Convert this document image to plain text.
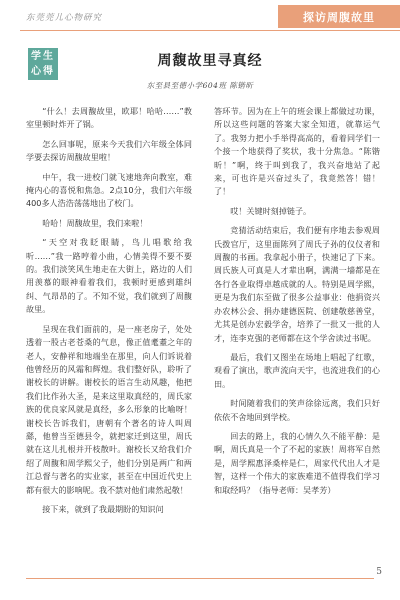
东莞莞儿心物研究	探访周腹故里
学生
心得
周馥故里寻真经
东至县至德小学604班 陈锴昕

“什么！去周馥故里，欧耶！哈哈……”教室里顿时炸开了锅。

怎么回事呢，原来今天我们六年级全体同学要去探访周馥故里啦！

中午，我一进校门就飞速地奔向教室，难掩内心的喜悦和焦急。2点10分，我们六年级400多人浩浩荡荡地出了校门。

哈哈！周馥故里，我们来啦！

“天空对我眨眼睛，鸟儿唱歌给我听……”我一路哼着小曲，心情美得不要不要的。我们淡笑风生地走在大街上，路边的人们用羡慕的眼神看着我们，我顿时更感到雄纠纠、气昂昂的了。不知不觉，我们就到了周馥故里。

呈现在我们面前的，是一座老房子，处处透着一股古老苍桑的气息，像正值耄耋之年的老人，安静祥和地端坐在那里，向人们诉说着他曾经历的风霜和辉煌。我们整好队，聆听了谢校长的讲解。谢校长的语言生动风趣，他把我们比作孙大圣，是来这里取真经的，周氏家族的优良家风就是真经，多么形象的比喻呀！谢校长告诉我们，唐朝有个著名的诗人叫周繇，他曾当至德县令，就把家迁到这里，周氏就在这儿扎根并开枝散叶。谢校长又给我们介绍了周馥和周学熙父子，他们分别是两广和两江总督与著名的实业家，甚至在中国近代史上都有很大的影响呢。我不禁对他们肃然起敬！

接下来，就到了我最期盼的知识问

答环节。因为在上午的班会课上都做过功课，所以这些问题的答案大家全知道，就靠运气了。我努力把小手举得高高的，看着同学们一个接一个地获得了奖状，我十分焦急。“陈锴昕！”啊，终于叫到我了，我兴奋地站了起来，可也许是兴奋过头了，我竟然答！错！了！

哎！关键时刻掉链子。

竞猜活动结束后，我们便有序地去参观周氏拨官厅，这里面陈列了周氏子孙的仪仪者和周馥的书画。我拿起小册子，快速记了下来。周氏族人可真是人才辈出啊，满满一墙都是在各行各业取得卓越成就的人。特别是周学熙，更是为我们东至做了很多公益事业：他捐资兴办农林公会、捐办建德医院、创建敬慈善堂，尤其是创办宏毅学舍，培养了一批又一批的人才，连李克强的老师都在这个学舍读过书呢。

最后，我们又图坐在场地上唱起了红歌，观看了演出，歌声流向天宇，也流进我们的心田。

时间随着我们的笑声徐徐远离，我们只好依依不舍地回到学校。

回去的路上，我的心情久久不能平静：是啊，周氏真是一个了不起的家族！周将军自然是，周学熙惠泽桑梓是仁，周家代代出人才是智，这样一个伟大的家族难道不值得我们学习和取经吗？（指导老师：吴孝芳）

5
